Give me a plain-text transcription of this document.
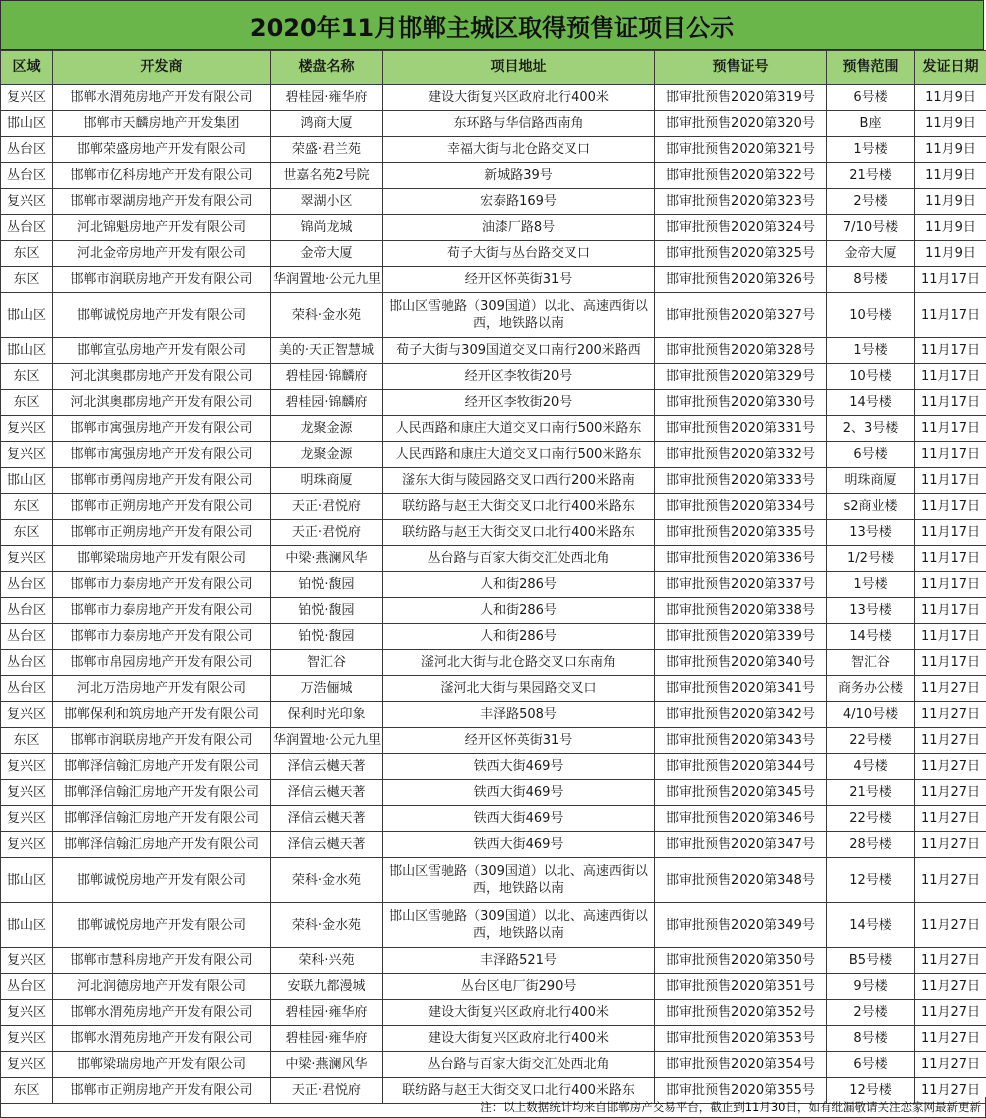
2020年11月邯郸主城区取得预售证项目公示
区域	开发商	楼盘名称	项目地址	预售证号	预售范围	发证日期
复兴区	邯郸水渭苑房地产开发有限公司	碧桂园·雍华府	建设大街复兴区政府北行400米	邯审批预售2020第319号	6号楼	11月9日
邯山区	邯郸市天麟房地产开发集团	鸿商大厦	东环路与华信路西南角	邯审批预售2020第320号	B座	11月9日
丛台区	邯郸荣盛房地产开发有限公司	荣盛·君兰苑	幸福大街与北仓路交叉口	邯审批预售2020第321号	1号楼	11月9日
丛台区	邯郸市亿科房地产开发有限公司	世嘉名苑2号院	新城路39号	邯审批预售2020第322号	21号楼	11月9日
复兴区	邯郸市翠湖房地产开发有限公司	翠湖小区	宏泰路169号	邯审批预售2020第323号	2号楼	11月9日
丛台区	河北锦魁房地产开发有限公司	锦尚龙城	油漆厂路8号	邯审批预售2020第324号	7/10号楼	11月9日
东区	河北金帝房地产开发有限公司	金帝大厦	荀子大街与丛台路交叉口	邯审批预售2020第325号	金帝大厦	11月9日
东区	邯郸市润联房地产开发有限公司	华润置地·公元九里	经开区怀英街31号	邯审批预售2020第326号	8号楼	11月17日
邯山区	邯郸诚悦房地产开发有限公司	荣科·金水苑	邯山区雪驰路（309国道）以北、高速西街以西，地铁路以南	邯审批预售2020第327号	10号楼	11月17日
邯山区	邯郸宣弘房地产开发有限公司	美的·天正智慧城	荀子大街与309国道交叉口南行200米路西	邯审批预售2020第328号	1号楼	11月17日
东区	河北淇奥郡房地产开发有限公司	碧桂园·锦麟府	经开区李牧街20号	邯审批预售2020第329号	10号楼	11月17日
东区	河北淇奥郡房地产开发有限公司	碧桂园·锦麟府	经开区李牧街20号	邯审批预售2020第330号	14号楼	11月17日
复兴区	邯郸市寓强房地产开发有限公司	龙聚金源	人民西路和康庄大道交叉口南行500米路东	邯审批预售2020第331号	2、3号楼	11月17日
复兴区	邯郸市寓强房地产开发有限公司	龙聚金源	人民西路和康庄大道交叉口南行500米路东	邯审批预售2020第332号	6号楼	11月17日
邯山区	邯郸市勇闯房地产开发有限公司	明珠商厦	滏东大街与陵园路交叉口西行200米路南	邯审批预售2020第333号	明珠商厦	11月17日
东区	邯郸市正朔房地产开发有限公司	天正·君悦府	联纺路与赵王大街交叉口北行400米路东	邯审批预售2020第334号	s2商业楼	11月17日
东区	邯郸市正朔房地产开发有限公司	天正·君悦府	联纺路与赵王大街交叉口北行400米路东	邯审批预售2020第335号	13号楼	11月17日
复兴区	邯郸梁瑞房地产开发有限公司	中梁·燕澜风华	丛台路与百家大街交汇处西北角	邯审批预售2020第336号	1/2号楼	11月17日
丛台区	邯郸市力泰房地产开发有限公司	铂悦·馥园	人和街286号	邯审批预售2020第337号	1号楼	11月17日
丛台区	邯郸市力泰房地产开发有限公司	铂悦·馥园	人和街286号	邯审批预售2020第338号	13号楼	11月17日
丛台区	邯郸市力泰房地产开发有限公司	铂悦·馥园	人和街286号	邯审批预售2020第339号	14号楼	11月17日
丛台区	邯郸市帛园房地产开发有限公司	智汇谷	滏河北大街与北仓路交叉口东南角	邯审批预售2020第340号	智汇谷	11月17日
丛台区	河北万浩房地产开发有限公司	万浩俪城	滏河北大街与果园路交叉口	邯审批预售2020第341号	商务办公楼	11月27日
复兴区	邯郸保利和筑房地产开发有限公司	保利时光印象	丰泽路508号	邯审批预售2020第342号	4/10号楼	11月27日
东区	邯郸市润联房地产开发有限公司	华润置地·公元九里	经开区怀英街31号	邯审批预售2020第343号	22号楼	11月27日
复兴区	邯郸泽信翰汇房地产开发有限公司	泽信云樾天著	铁西大街469号	邯审批预售2020第344号	4号楼	11月27日
复兴区	邯郸泽信翰汇房地产开发有限公司	泽信云樾天著	铁西大街469号	邯审批预售2020第345号	21号楼	11月27日
复兴区	邯郸泽信翰汇房地产开发有限公司	泽信云樾天著	铁西大街469号	邯审批预售2020第346号	22号楼	11月27日
复兴区	邯郸泽信翰汇房地产开发有限公司	泽信云樾天著	铁西大街469号	邯审批预售2020第347号	28号楼	11月27日
邯山区	邯郸诚悦房地产开发有限公司	荣科·金水苑	邯山区雪驰路（309国道）以北、高速西街以西，地铁路以南	邯审批预售2020第348号	12号楼	11月27日
邯山区	邯郸诚悦房地产开发有限公司	荣科·金水苑	邯山区雪驰路（309国道）以北、高速西街以西，地铁路以南	邯审批预售2020第349号	14号楼	11月27日
复兴区	邯郸市慧科房地产开发有限公司	荣科·兴苑	丰泽路521号	邯审批预售2020第350号	B5号楼	11月27日
丛台区	河北润德房地产开发有限公司	安联九都漫城	丛台区电厂街290号	邯审批预售2020第351号	9号楼	11月27日
复兴区	邯郸水渭苑房地产开发有限公司	碧桂园·雍华府	建设大街复兴区政府北行400米	邯审批预售2020第352号	2号楼	11月27日
复兴区	邯郸水渭苑房地产开发有限公司	碧桂园·雍华府	建设大街复兴区政府北行400米	邯审批预售2020第353号	8号楼	11月27日
复兴区	邯郸梁瑞房地产开发有限公司	中梁·燕澜风华	丛台路与百家大街交汇处西北角	邯审批预售2020第354号	6号楼	11月27日
东区	邯郸市正朔房地产开发有限公司	天正·君悦府	联纺路与赵王大街交叉口北行400米路东	邯审批预售2020第355号	12号楼	11月27日
注：以上数据统计均来自邯郸房产交易平台，截止到11月30日，如有纰漏敬请关注恋家网最新更新
